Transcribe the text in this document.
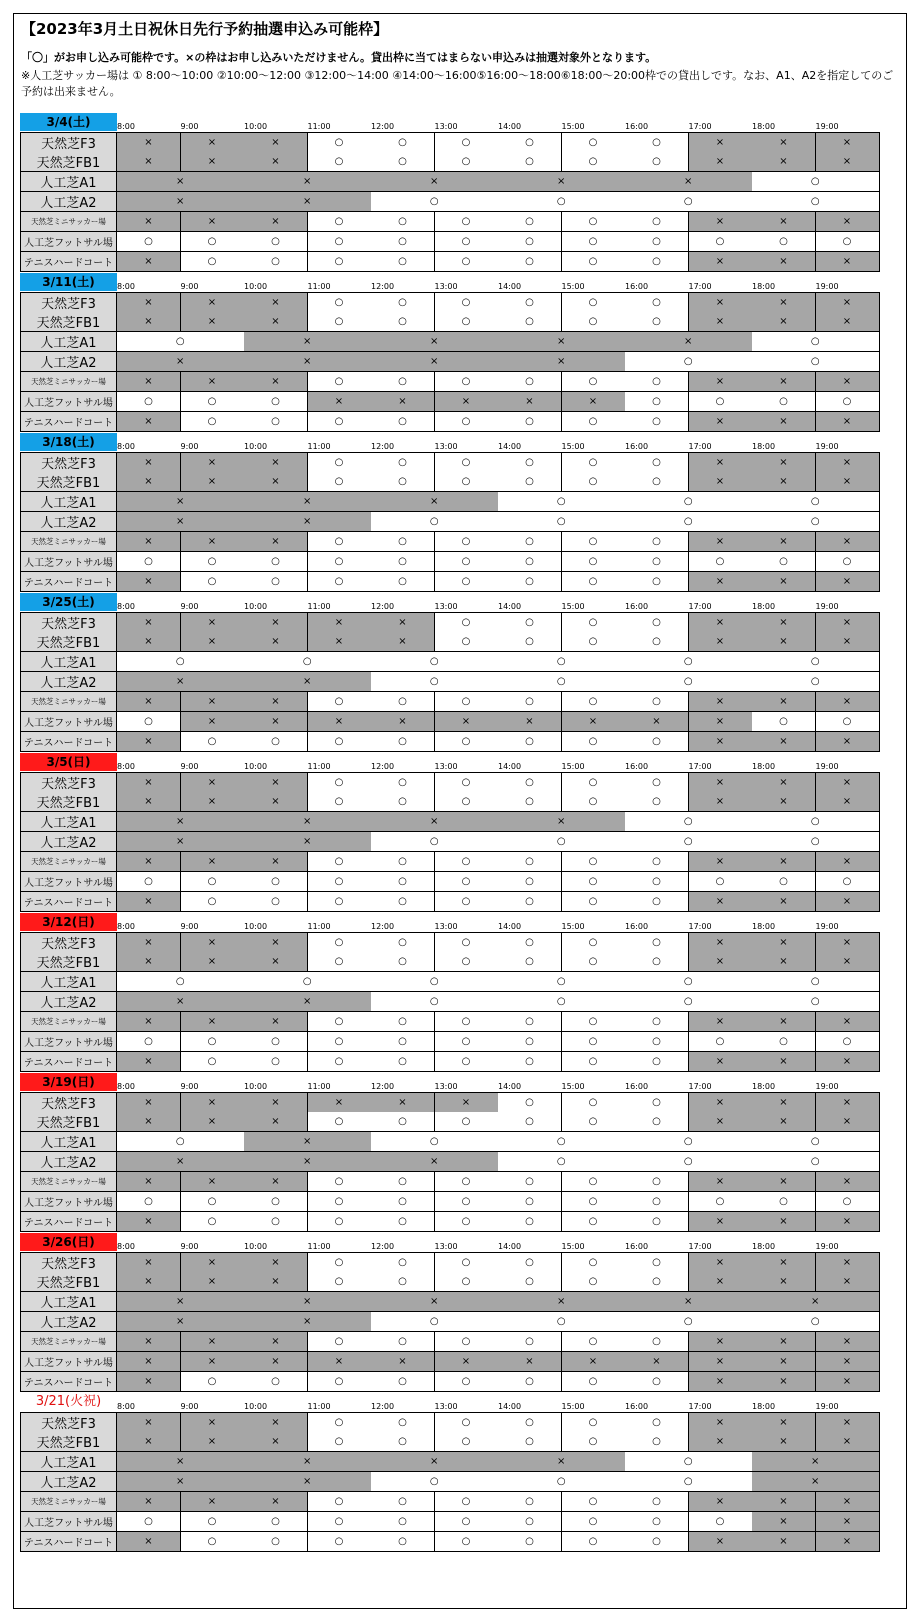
【2023年3月土日祝休日先行予約抽選申込み可能枠】
「〇」がお申し込み可能枠です。×の枠はお申し込みいただけません。貸出枠に当てはまらない申込みは抽選対象外となります。
※人工芝サッカー場は ① 8:00～10:00 ②10:00～12:00 ③12:00～14:00 ④14:00～16:00⑤16:00～18:00⑥18:00～20:00枠での貸出しです。なお、A1、A2を指定してのご予約は出来ません。
3/4(土)	8:00	9:00	10:00	11:00	12:00	13:00	14:00	15:00	16:00	17:00	18:00	19:00
天然芝F3	×	×	×	○	○	○	○	○	○	×	×	×
天然芝FB1	×	×	×	○	○	○	○	○	○	×	×	×
人工芝A1	×	×	×	×	×	○
人工芝A2	×	×	○	○	○	○
天然芝ミニサッカー場	×	×	×	○	○	○	○	○	○	×	×	×
人工芝フットサル場	○	○	○	○	○	○	○	○	○	○	○	○
テニスハードコート	×	○	○	○	○	○	○	○	○	×	×	×
3/11(土)	8:00	9:00	10:00	11:00	12:00	13:00	14:00	15:00	16:00	17:00	18:00	19:00
天然芝F3	×	×	×	○	○	○	○	○	○	×	×	×
天然芝FB1	×	×	×	○	○	○	○	○	○	×	×	×
人工芝A1	○	×	×	×	×	○
人工芝A2	×	×	×	×	○	○
天然芝ミニサッカー場	×	×	×	○	○	○	○	○	○	×	×	×
人工芝フットサル場	○	○	○	×	×	×	×	×	○	○	○	○
テニスハードコート	×	○	○	○	○	○	○	○	○	×	×	×
3/18(土)	8:00	9:00	10:00	11:00	12:00	13:00	14:00	15:00	16:00	17:00	18:00	19:00
天然芝F3	×	×	×	○	○	○	○	○	○	×	×	×
天然芝FB1	×	×	×	○	○	○	○	○	○	×	×	×
人工芝A1	×	×	×	○	○	○
人工芝A2	×	×	○	○	○	○
天然芝ミニサッカー場	×	×	×	○	○	○	○	○	○	×	×	×
人工芝フットサル場	○	○	○	○	○	○	○	○	○	○	○	○
テニスハードコート	×	○	○	○	○	○	○	○	○	×	×	×
3/25(土)	8:00	9:00	10:00	11:00	12:00	13:00	14:00	15:00	16:00	17:00	18:00	19:00
天然芝F3	×	×	×	×	×	○	○	○	○	×	×	×
天然芝FB1	×	×	×	×	×	○	○	○	○	×	×	×
人工芝A1	○	○	○	○	○	○
人工芝A2	×	×	○	○	○	○
天然芝ミニサッカー場	×	×	×	○	○	○	○	○	○	×	×	×
人工芝フットサル場	○	×	×	×	×	×	×	×	×	×	○	○
テニスハードコート	×	○	○	○	○	○	○	○	○	×	×	×
3/5(日)	8:00	9:00	10:00	11:00	12:00	13:00	14:00	15:00	16:00	17:00	18:00	19:00
天然芝F3	×	×	×	○	○	○	○	○	○	×	×	×
天然芝FB1	×	×	×	○	○	○	○	○	○	×	×	×
人工芝A1	×	×	×	×	○	○
人工芝A2	×	×	○	○	○	○
天然芝ミニサッカー場	×	×	×	○	○	○	○	○	○	×	×	×
人工芝フットサル場	○	○	○	○	○	○	○	○	○	○	○	○
テニスハードコート	×	○	○	○	○	○	○	○	○	×	×	×
3/12(日)	8:00	9:00	10:00	11:00	12:00	13:00	14:00	15:00	16:00	17:00	18:00	19:00
天然芝F3	×	×	×	○	○	○	○	○	○	×	×	×
天然芝FB1	×	×	×	○	○	○	○	○	○	×	×	×
人工芝A1	○	○	○	○	○	○
人工芝A2	×	×	○	○	○	○
天然芝ミニサッカー場	×	×	×	○	○	○	○	○	○	×	×	×
人工芝フットサル場	○	○	○	○	○	○	○	○	○	○	○	○
テニスハードコート	×	○	○	○	○	○	○	○	○	×	×	×
3/19(日)	8:00	9:00	10:00	11:00	12:00	13:00	14:00	15:00	16:00	17:00	18:00	19:00
天然芝F3	×	×	×	×	×	×	○	○	○	×	×	×
天然芝FB1	×	×	×	○	○	○	○	○	○	×	×	×
人工芝A1	○	×	○	○	○	○
人工芝A2	×	×	×	○	○	○
天然芝ミニサッカー場	×	×	×	○	○	○	○	○	○	×	×	×
人工芝フットサル場	○	○	○	○	○	○	○	○	○	○	○	○
テニスハードコート	×	○	○	○	○	○	○	○	○	×	×	×
3/26(日)	8:00	9:00	10:00	11:00	12:00	13:00	14:00	15:00	16:00	17:00	18:00	19:00
天然芝F3	×	×	×	○	○	○	○	○	○	×	×	×
天然芝FB1	×	×	×	○	○	○	○	○	○	×	×	×
人工芝A1	×	×	×	×	×	×
人工芝A2	×	×	○	○	○	○
天然芝ミニサッカー場	×	×	×	○	○	○	○	○	○	×	×	×
人工芝フットサル場	×	×	×	×	×	×	×	×	×	×	×	×
テニスハードコート	×	○	○	○	○	○	○	○	○	×	×	×
3/21(火祝)	8:00	9:00	10:00	11:00	12:00	13:00	14:00	15:00	16:00	17:00	18:00	19:00
天然芝F3	×	×	×	○	○	○	○	○	○	×	×	×
天然芝FB1	×	×	×	○	○	○	○	○	○	×	×	×
人工芝A1	×	×	×	×	○	×
人工芝A2	×	×	○	○	○	×
天然芝ミニサッカー場	×	×	×	○	○	○	○	○	○	×	×	×
人工芝フットサル場	○	○	○	○	○	○	○	○	○	○	×	×
テニスハードコート	×	○	○	○	○	○	○	○	○	×	×	×
